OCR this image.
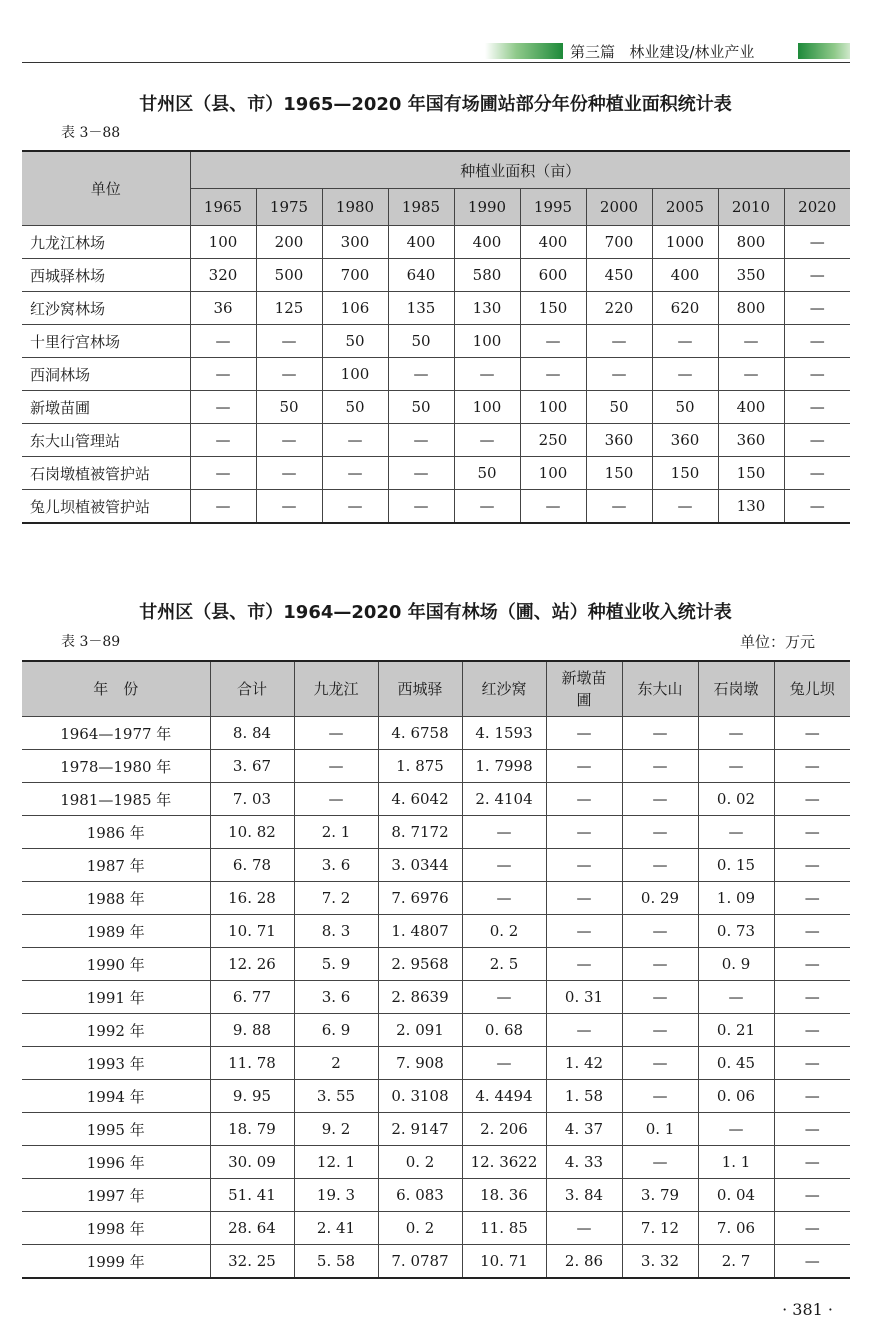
第三篇 林业建设/林业产业
甘州区（县、市）1965—2020 年国有场圃站部分年份种植业面积统计表
表 3－88
单位	种植业面积（亩）									
	1965	1975	1980	1985	1990	1995	2000	2005	2010	2020
九龙江林场	100	200	300	400	400	400	700	1000	800	—
西城驿林场	320	500	700	640	580	600	450	400	350	—
红沙窝林场	36	125	106	135	130	150	220	620	800	—
十里行宫林场	—	—	50	50	100	—	—	—	—	—
西洞林场	—	—	100	—	—	—	—	—	—	—
新墩苗圃	—	50	50	50	100	100	50	50	400	—
东大山管理站	—	—	—	—	—	250	360	360	360	—
石岗墩植被管护站	—	—	—	—	50	100	150	150	150	—
兔儿坝植被管护站	—	—	—	—	—	—	—	—	130	—
甘州区（县、市）1964—2020 年国有林场（圃、站）种植业收入统计表
表 3－89	单位：万元
年　份	合计	九龙江	西城驿	红沙窝	新墩苗圃	东大山	石岗墩	兔儿坝
1964—1977 年	8. 84	—	4. 6758	4. 1593	—	—	—	—
1978—1980 年	3. 67	—	1. 875	1. 7998	—	—	—	—
1981—1985 年	7. 03	—	4. 6042	2. 4104	—	—	0. 02	—
1986 年	10. 82	2. 1	8. 7172	—	—	—	—	—
1987 年	6. 78	3. 6	3. 0344	—	—	—	0. 15	—
1988 年	16. 28	7. 2	7. 6976	—	—	0. 29	1. 09	—
1989 年	10. 71	8. 3	1. 4807	0. 2	—	—	0. 73	—
1990 年	12. 26	5. 9	2. 9568	2. 5	—	—	0. 9	—
1991 年	6. 77	3. 6	2. 8639	—	0. 31	—	—	—
1992 年	9. 88	6. 9	2. 091	0. 68	—	—	0. 21	—
1993 年	11. 78	2	7. 908	—	1. 42	—	0. 45	—
1994 年	9. 95	3. 55	0. 3108	4. 4494	1. 58	—	0. 06	—
1995 年	18. 79	9. 2	2. 9147	2. 206	4. 37	0. 1	—	—
1996 年	30. 09	12. 1	0. 2	12. 3622	4. 33	—	1. 1	—
1997 年	51. 41	19. 3	6. 083	18. 36	3. 84	3. 79	0. 04	—
1998 年	28. 64	2. 41	0. 2	11. 85	—	7. 12	7. 06	—
1999 年	32. 25	5. 58	7. 0787	10. 71	2. 86	3. 32	2. 7	—
· 381 ·
